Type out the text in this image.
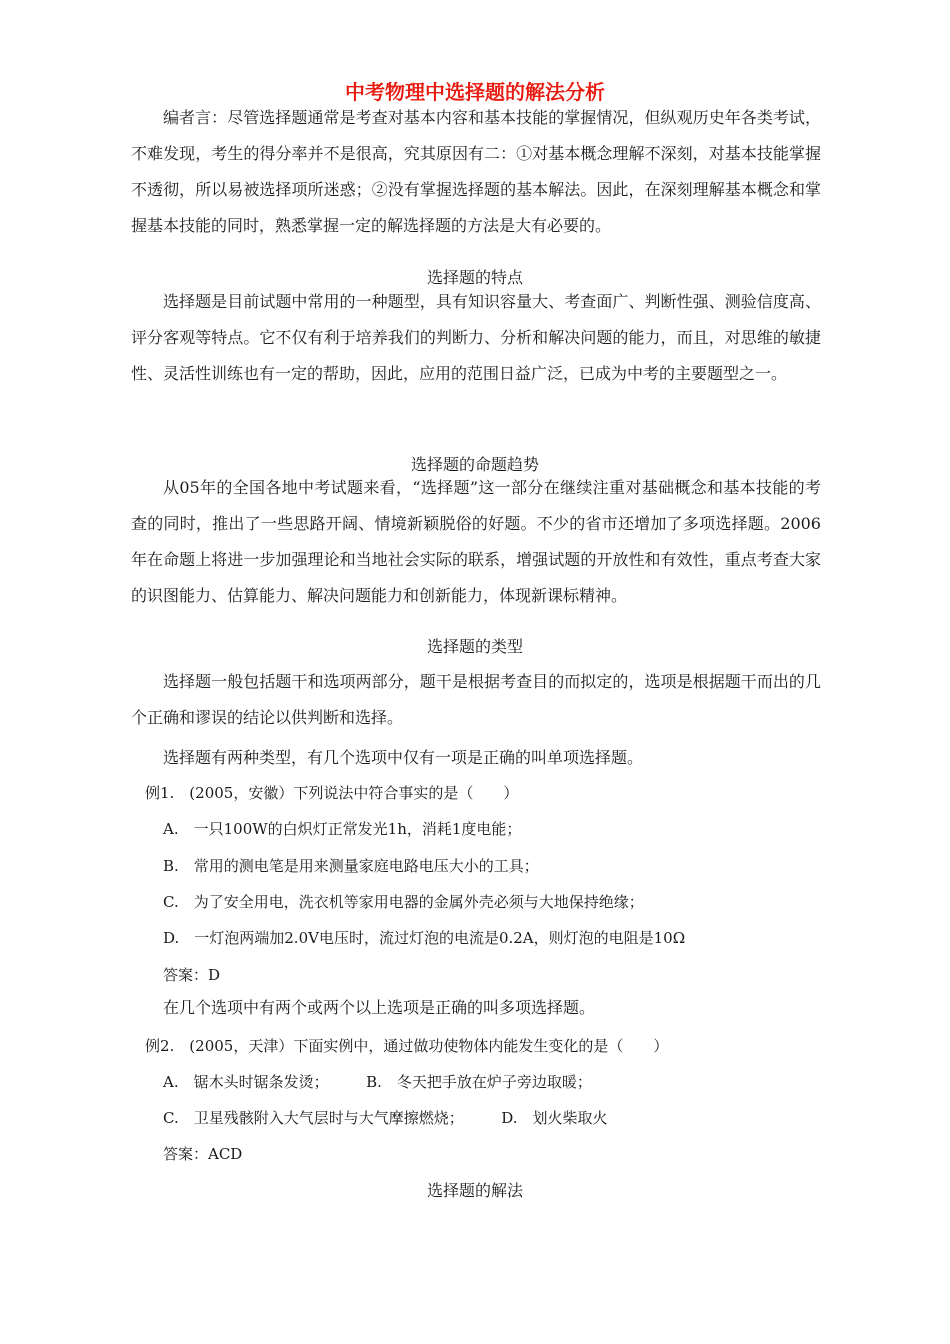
中考物理中选择题的解法分析
编者言：尽管选择题通常是考查对基本内容和基本技能的掌握情况，但纵观历史年各类考试，不难发现，考生的得分率并不是很高，究其原因有二：①对基本概念理解不深刻，对基本技能掌握不透彻，所以易被选择项所迷惑；②没有掌握选择题的基本解法。因此，在深刻理解基本概念和掌握基本技能的同时，熟悉掌握一定的解选择题的方法是大有必要的。
选择题的特点
选择题是目前试题中常用的一种题型，具有知识容量大、考查面广、判断性强、测验信度高、评分客观等特点。它不仅有利于培养我们的判断力、分析和解决问题的能力，而且，对思维的敏捷性、灵活性训练也有一定的帮助，因此，应用的范围日益广泛，已成为中考的主要题型之一。
选择题的命题趋势
从05年的全国各地中考试题来看，“选择题”这一部分在继续注重对基础概念和基本技能的考查的同时，推出了一些思路开阔、情境新颖脱俗的好题。不少的省市还增加了多项选择题。2006年在命题上将进一步加强理论和当地社会实际的联系，增强试题的开放性和有效性，重点考查大家的识图能力、估算能力、解决问题能力和创新能力，体现新课标精神。
选择题的类型
选择题一般包括题干和选项两部分，题干是根据考查目的而拟定的，选项是根据题干而出的几个正确和谬误的结论以供判断和选择。
选择题有两种类型，有几个选项中仅有一项是正确的叫单项选择题。
例1.　(2005，安徽）下列说法中符合事实的是（　　）
A.　一只100W的白炽灯正常发光1h，消耗1度电能；
B.　常用的测电笔是用来测量家庭电路电压大小的工具；
C.　为了安全用电，洗衣机等家用电器的金属外壳必须与大地保持绝缘；
D.　一灯泡两端加2.0V电压时，流过灯泡的电流是0.2A，则灯泡的电阻是10Ω
答案：D
在几个选项中有两个或两个以上选项是正确的叫多项选择题。
例2.　(2005，天津）下面实例中，通过做功使物体内能发生变化的是（　　）
A.　锯木头时锯条发烫；　　　B.　冬天把手放在炉子旁边取暖；
C.　卫星残骸附入大气层时与大气摩擦燃烧；　　　D.　划火柴取火
答案：ACD
选择题的解法
